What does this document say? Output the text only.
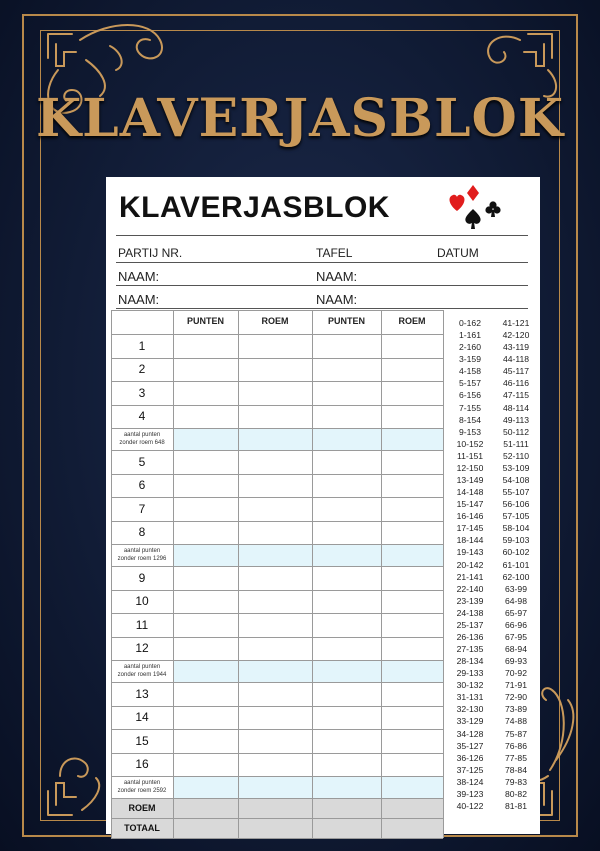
KLAVERJASBLOK
KLAVERJASBLOK
PARTIJ NR.	TAFEL	DATUM
NAAM:	NAAM:
NAAM:	NAAM:
PUNTEN	ROEM	PUNTEN	ROEM
1
2
3
4
aantal punten
zonder roem 648
5
6
7
8
aantal punten
zonder roem 1296
9
10
11
12
aantal punten
zonder roem 1944
13
14
15
16
aantal punten
zonder roem 2592
ROEM
TOTAAL
0-162	41-121
1-161	42-120
2-160	43-119
3-159	44-118
4-158	45-117
5-157	46-116
6-156	47-115
7-155	48-114
8-154	49-113
9-153	50-112
10-152	51-111
11-151	52-110
12-150	53-109
13-149	54-108
14-148	55-107
15-147	56-106
16-146	57-105
17-145	58-104
18-144	59-103
19-143	60-102
20-142	61-101
21-141	62-100
22-140	63-99
23-139	64-98
24-138	65-97
25-137	66-96
26-136	67-95
27-135	68-94
28-134	69-93
29-133	70-92
30-132	71-91
31-131	72-90
32-130	73-89
33-129	74-88
34-128	75-87
35-127	76-86
36-126	77-85
37-125	78-84
38-124	79-83
39-123	80-82
40-122	81-81
